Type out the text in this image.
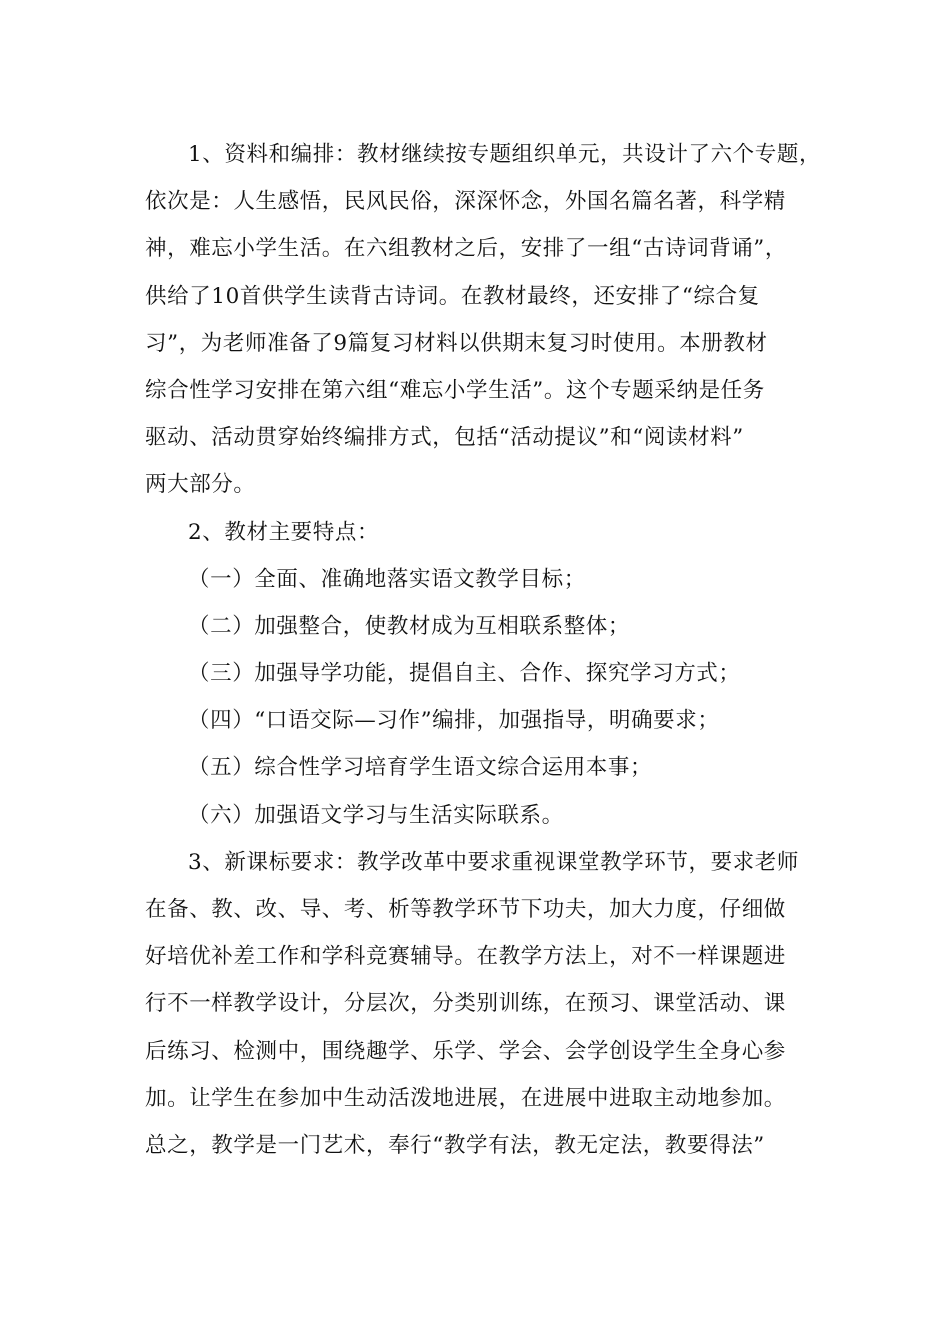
1、资料和编排：教材继续按专题组织单元，共设计了六个专题，
依次是：人生感悟，民风民俗，深深怀念，外国名篇名著，科学精
神，难忘小学生活。在六组教材之后，安排了一组“古诗词背诵”，
供给了10首供学生读背古诗词。在教材最终，还安排了“综合复
习”，为老师准备了9篇复习材料以供期末复习时使用。本册教材
综合性学习安排在第六组“难忘小学生活”。这个专题采纳是任务
驱动、活动贯穿始终编排方式，包括“活动提议”和“阅读材料”
两大部分。
2、教材主要特点：
（一）全面、准确地落实语文教学目标；
（二）加强整合，使教材成为互相联系整体；
（三）加强导学功能，提倡自主、合作、探究学习方式；
（四）“口语交际—习作”编排，加强指导，明确要求；
（五）综合性学习培育学生语文综合运用本事；
（六）加强语文学习与生活实际联系。
3、新课标要求：教学改革中要求重视课堂教学环节，要求老师
在备、教、改、导、考、析等教学环节下功夫，加大力度，仔细做
好培优补差工作和学科竞赛辅导。在教学方法上，对不一样课题进
行不一样教学设计，分层次，分类别训练，在预习、课堂活动、课
后练习、检测中，围绕趣学、乐学、学会、会学创设学生全身心参
加。让学生在参加中生动活泼地进展，在进展中进取主动地参加。
总之，教学是一门艺术，奉行“教学有法，教无定法，教要得法”
